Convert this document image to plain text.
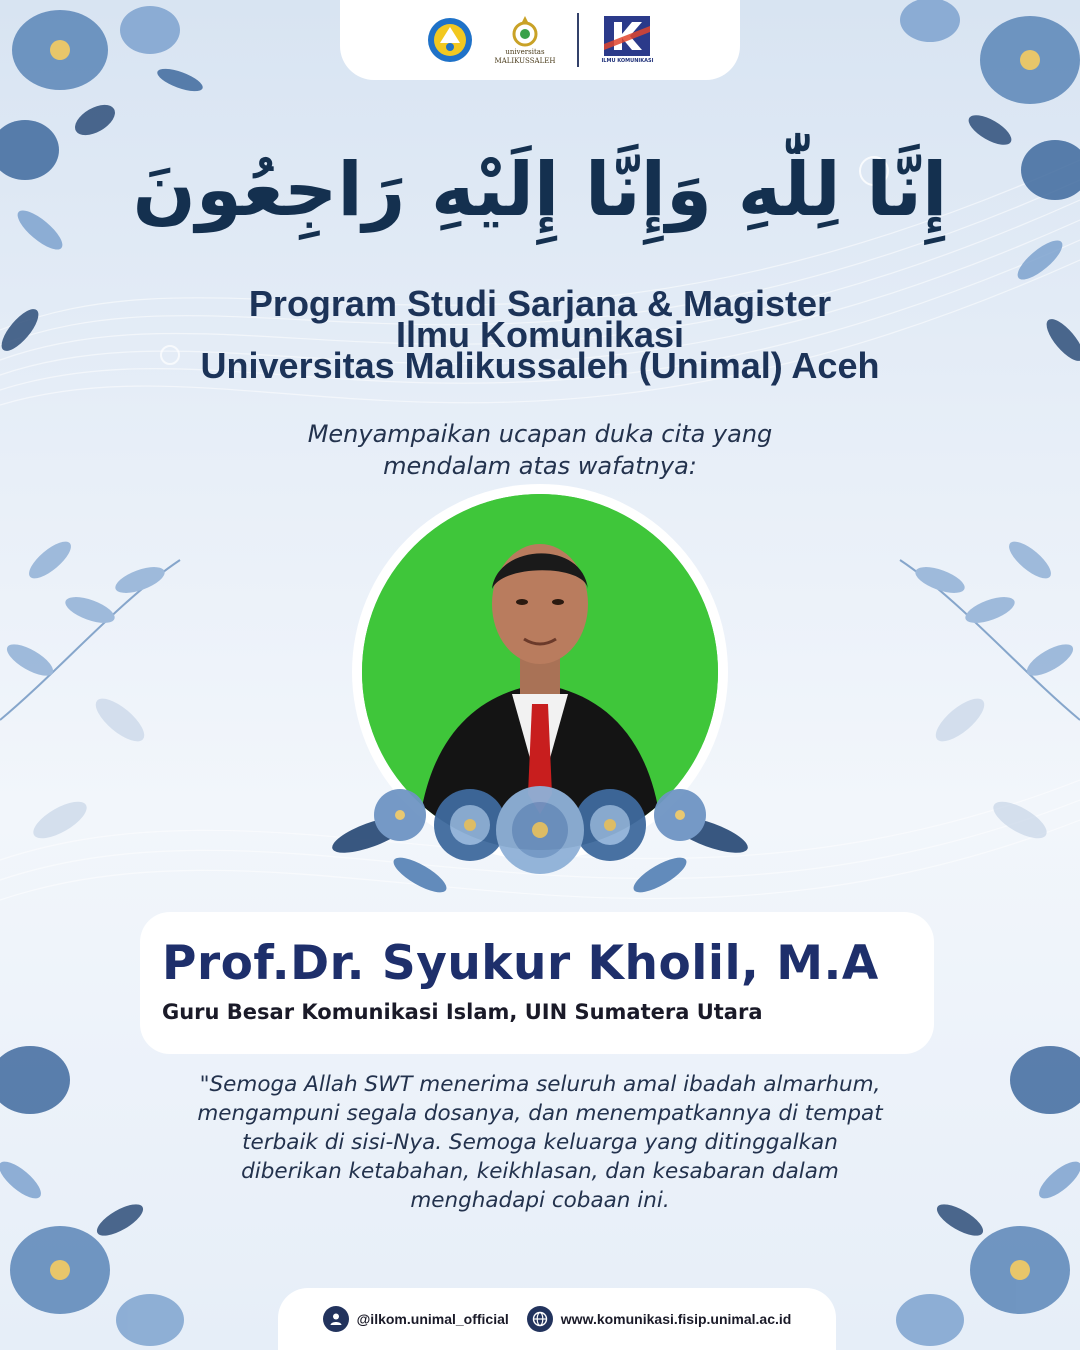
universitas
MALIKUSSALEH	ILMU KOMUNIKASI
إِنَّا لِلّٰهِ وَإِنَّا إِلَيْهِ رَاجِعُونَ
Program Studi Sarjana & Magister
Ilmu Komunikasi
Universitas Malikussaleh (Unimal) Aceh
Menyampaikan ucapan duka cita yang
mendalam atas wafatnya:
Prof.Dr. Syukur Kholil, M.A
Guru Besar Komunikasi Islam, UIN Sumatera Utara
"Semoga Allah SWT menerima seluruh amal ibadah almarhum,
mengampuni segala dosanya, dan menempatkannya di tempat
terbaik di sisi-Nya. Semoga keluarga yang ditinggalkan
diberikan ketabahan, keikhlasan, dan kesabaran dalam
menghadapi cobaan ini.
@ilkom.unimal_official	www.komunikasi.fisip.unimal.ac.id
